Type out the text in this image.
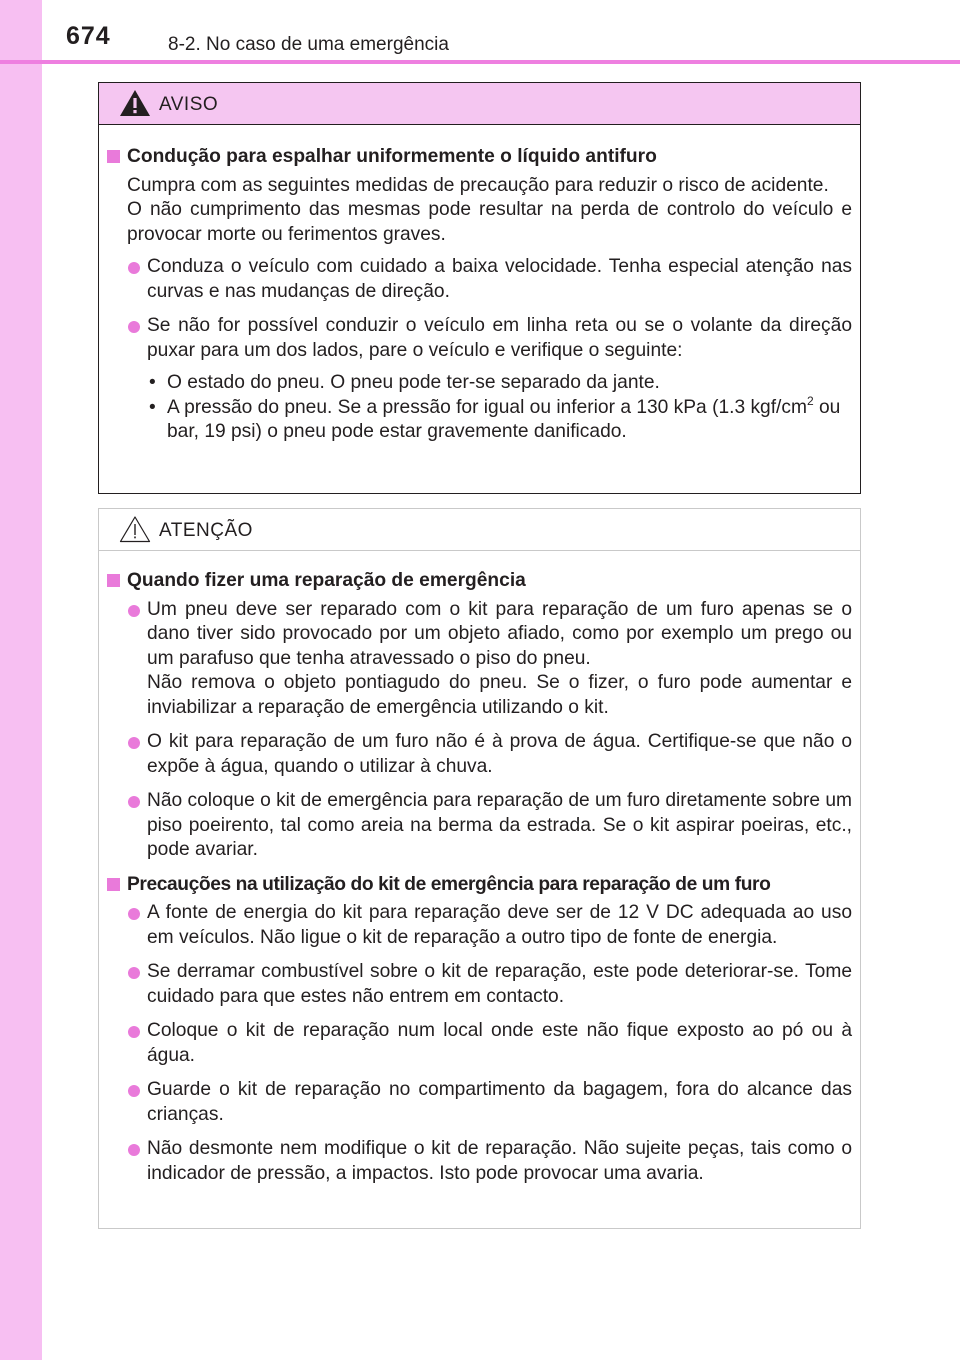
674	8-2. No caso de uma emergência
AVISO
Condução para espalhar uniformemente o líquido antifuro

Cumpra com as seguintes medidas de precaução para reduzir o risco de acidente.

O não cumprimento das mesmas pode resultar na perda de controlo do veículo e provocar morte ou ferimentos graves.

Conduza o veículo com cuidado a baixa velocidade. Tenha especial atenção nas curvas e nas mudanças de direção.
Se não for possível conduzir o veículo em linha reta ou se o volante da direção puxar para um dos lados, pare o veículo e verifique o seguinte:
• O estado do pneu. O pneu pode ter-se separado da jante.
• A pressão do pneu. Se a pressão for igual ou inferior a 130 kPa (1.3 kgf/$cm^2$ ou bar, 19 psi) o pneu pode estar gravemente danificado.
ATENÇÃO
Quando fizer uma reparação de emergência
Um pneu deve ser reparado com o kit para reparação de um furo apenas se o dano tiver sido provocado por um objeto afiado, como por exemplo um prego ou um parafuso que tenha atravessado o piso do pneu.
Não remova o objeto pontiagudo do pneu. Se o fizer, o furo pode aumentar e inviabilizar a reparação de emergência utilizando o kit.
O kit para reparação de um furo não é à prova de água. Certifique-se que não o expõe à água, quando o utilizar à chuva.
Não coloque o kit de emergência para reparação de um furo diretamente sobre um piso poeirento, tal como areia na berma da estrada. Se o kit aspirar poeiras, etc., pode avariar.
Precauções na utilização do kit de emergência para reparação de um furo
A fonte de energia do kit para reparação deve ser de 12 V DC adequada ao uso em veículos. Não ligue o kit de reparação a outro tipo de fonte de energia.
Se derramar combustível sobre o kit de reparação, este pode deteriorar-se. Tome cuidado para que estes não entrem em contacto.
Coloque o kit de reparação num local onde este não fique exposto ao pó ou à água.
Guarde o kit de reparação no compartimento da bagagem, fora do alcance das crianças.
Não desmonte nem modifique o kit de reparação. Não sujeite peças, tais como o indicador de pressão, a impactos. Isto pode provocar uma avaria.
